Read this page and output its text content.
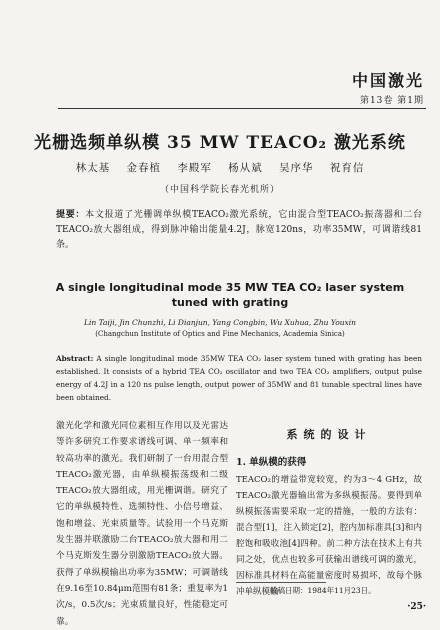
中国激光
第13卷 第1期
光栅选频单纵模 35 MW TEACO₂ 激光系统
林太基 金春植 李殿军 杨从斌 吴序华 祝育信
（中国科学院长春光机所）
提要：本文报道了光栅调单纵模TEACO₂激光系统，它由混合型TEACO₂振荡器和二台TEACO₂放大器组成，得到脉冲输出能量4.2J，脉宽120ns，功率35MW，可调谐线81条。
A single longitudinal mode 35 MW TEA CO₂ laser system tuned with grating
Lin Taiji, Jin Chunzhi, Li Dianjun, Yang Congbin, Wu Xuhua, Zhu Youxin
(Changchun Institute of Optics and Fine Mechanics, Academia Sinica)
Abstract: A single longitudinal mode 35MW TEA CO₂ laser system tuned with grating has been established. It consists of a hybrid TEA CO₂ oscillator and two TEA CO₂ amplifiers, output pulse energy of 4.2J in a 120 ns pulse length, output power of 35MW and 81 tunable spectral lines have been obtained.
激光化学和激光同位素相互作用以及光雷达等许多研究工作要求谱线可调、单一频率和较高功率的激光。我们研制了一台用混合型TEACO₂激光器，由单纵模振荡级和二级TEACO₂放大器组成，用光栅调谐。研究了它的单纵模特性、选频特性、小信号增益、饱和增益、光束质量等。试验用一个马克斯发生器并联激励二台TEACO₂放大器和用二个马克斯发生器分别激励TEACO₂放大器。获得了单纵模输出功率为35MW；可调谐线在9.16至10.84μm范围有81条；重复率为1次/s，0.5次/s；光束质量良好，性能稳定可靠。
系统的设计
1. 单纵模的获得
TEACO₂的增益带宽较宽，约为3～4 GHz，故TEACO₂激光器输出常为多纵模振荡。要得到单纵模振荡需要采取一定的措施，一般的方法有：混合型[1]，注入锁定[2]，腔内加标准具[3]和内腔饱和吸收池[4]四种。前二种方法在技术上有共同之处，优点也较多可获输出谱线可调的激光，因标准具材料在高能量密度时易损坏，故每个脉冲单纵模输
收稿日期：1984年11月23日。
·25·
